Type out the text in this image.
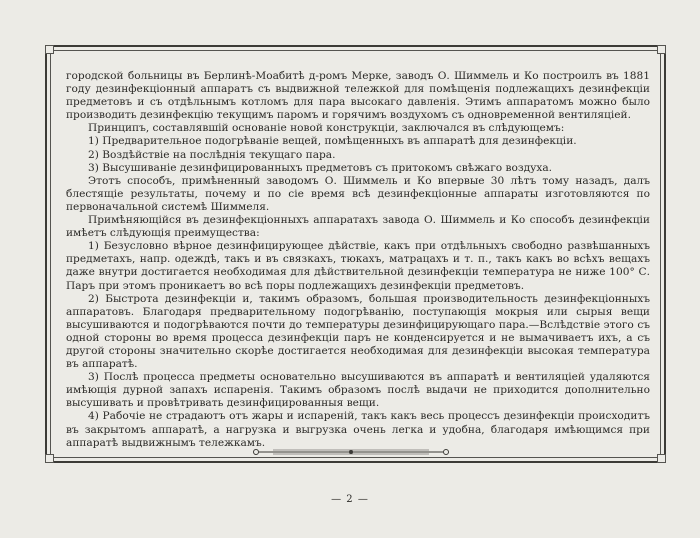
городской больницы въ Берлинѣ-Моабитѣ д-ромъ Мерке, заводъ О. Шиммель и Ко построилъ въ 1881 году дезинфекціонный аппаратъ съ выдвижной тележкой для помѣщенія подлежащихъ дезинфекціи предметовъ и съ отдѣльнымъ котломъ для пара высокаго давленія. Этимъ аппаратомъ можно было производить дезинфекцію текущимъ паромъ и горячимъ воздухомъ съ одновременной вентиляціей.

Принципъ, составлявшій основаніе новой конструкціи, заключался въ слѣдующемъ:

1) Предварительное подогрѣваніе вещей, помѣщенныхъ въ аппаратѣ для дезинфекціи.

2) Воздѣйствіе на послѣднія текущаго пара.

3) Высушиваніе дезинфицированныхъ предметовъ съ притокомъ свѣжаго воздуха.

Этотъ способъ, примѣненный заводомъ О. Шиммель и Ко впервые 30 лѣтъ тому назадъ, далъ блестящіе результаты, почему и по сіе время всѣ дезинфекціонные аппараты изготовляются по первоначальной системѣ Шиммеля.

Примѣняющійся въ дезинфекціонныхъ аппаратахъ завода О. Шиммель и Ко способъ дезинфекціи имѣетъ слѣдующія преимущества:

1) Безусловно вѣрное дезинфицирующее дѣйствіе, какъ при отдѣльныхъ свободно развѣшанныхъ предметахъ, напр. одеждѣ, такъ и въ связкахъ, тюкахъ, матрацахъ и т. п., такъ какъ во всѣхъ вещахъ даже внутри достигается необходимая для дѣйствительной дезинфекціи температура не ниже 100° С. Паръ при этомъ проникаетъ во всѣ поры подлежащихъ дезинфекціи предметовъ.

2) Быстрота дезинфекціи и, такимъ образомъ, большая производительность дезинфекціонныхъ аппаратовъ. Благодаря предварительному подогрѣванію, поступающія мокрыя или сырыя вещи высушиваются и подогрѣваются почти до температуры дезинфицирующаго пара.—Вслѣдствіе этого съ одной стороны во время процесса дезинфекціи паръ не конденсируется и не вымачиваетъ ихъ, а съ другой стороны значительно скорѣе достигается необходимая для дезинфекціи высокая температура въ аппаратѣ.

3) Послѣ процесса предметы основательно высушиваются въ аппаратѣ и вентиляціей удаляются имѣющія дурной запахъ испаренія. Такимъ образомъ послѣ выдачи не приходится дополнительно высушивать и провѣтривать дезинфицированныя вещи.

4) Рабочіе не страдаютъ отъ жары и испареній, такъ какъ весь процессъ дезинфекціи происходитъ въ закрытомъ аппаратѣ, а нагрузка и выгрузка очень легка и удобна, благодаря имѣющимся при аппаратѣ выдвижнымъ тележкамъ.

— 2 —
